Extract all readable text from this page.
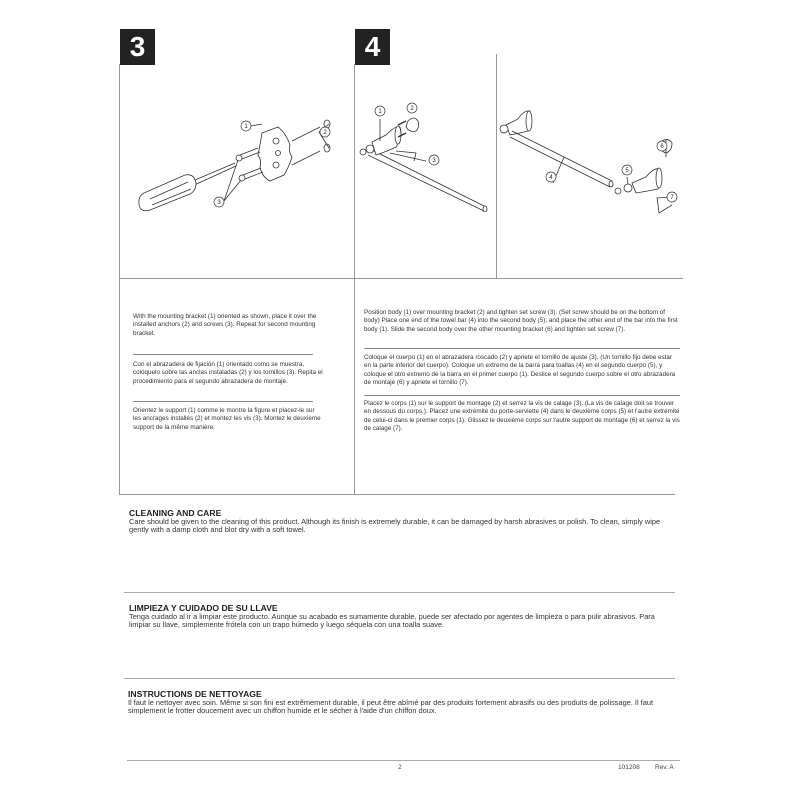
3	4
1
2
3
1	2
3
4
5
6
7
With the mounting bracket (1) oriented as shown, place it over the installed anchors (2) and screws (3). Repeat for second mounting bracket.
Con el abrazadera de fijación (1) orientado como se muestra, colóquelo sobre las anclas instaladas (2) y los tornillos (3). Repita el procedimiento para el segundo abrazadera de montaje.
Orientez le support (1) comme le montre la figure et placez-le sur les ancrages installés (2) et montez les vis (3). Montez le deuxième support de la même manière.
Position body (1) over mounting bracket (2) and tighten set screw (3). (Set screw should be on the bottom of body) Place one end of the towel bar (4) into the second body (5), and place the other end of the bar into the first body (1). Slide the second body over the other mounting bracket (6) and tighten set screw (7).
Coloque el cuerpo (1) en el abrazadera roscado (2) y apriete el tornillo de ajuste (3). (Un tornillo fijo debe estar en la parte inferior del cuerpo). Coloque un extremo de la barra para toallas (4) en el segundo cuerpo (5), y coloque el otro extremo de la barra en el primer cuerpo (1). Deslice el segundo cuerpo sobre el otro abrazadera de montaje (6) y apriete el tornillo (7).
Placez le corps (1) sur le support de montage (2) et serrez la vis de calage (3). (La vis de calage doit se trouver en dessous du corps.). Placez une extrémité du porte-serviette (4) dans le deuxième corps (5) et l'autre extrémité de celui-ci dans le premier corps (1). Glissez le deuxième corps sur l'autre support de montage (6) et serrez la vis de calage (7).
CLEANING AND CARE
Care should be given to the cleaning of this product. Although its finish is extremely durable, it can be damaged by harsh abrasives or polish. To clean, simply wipe gently with a damp cloth and blot dry with a soft towel.
LIMPIEZA Y CUIDADO DE SU LLAVE
Tenga cuidado al ir a limpiar este producto. Aunque su acabado es sumamente durable, puede ser afectado por agentes de limpieza o para pulir abrasivos. Para limpiar su llave, simplemente frótela con un trapo húmedo y luego séquela con una toalla suave.
INSTRUCTIONS DE NETTOYAGE
Il faut le nettoyer avec soin. Même si son fini est extrêmement durable, il peut être abîmé par des produits fortement abrasifs ou des produits de polissage. Il faut simplement le frotter doucement avec un chiffon humide et le sécher à l'aide d'un chiffon doux.
2	101208 Rev. A
